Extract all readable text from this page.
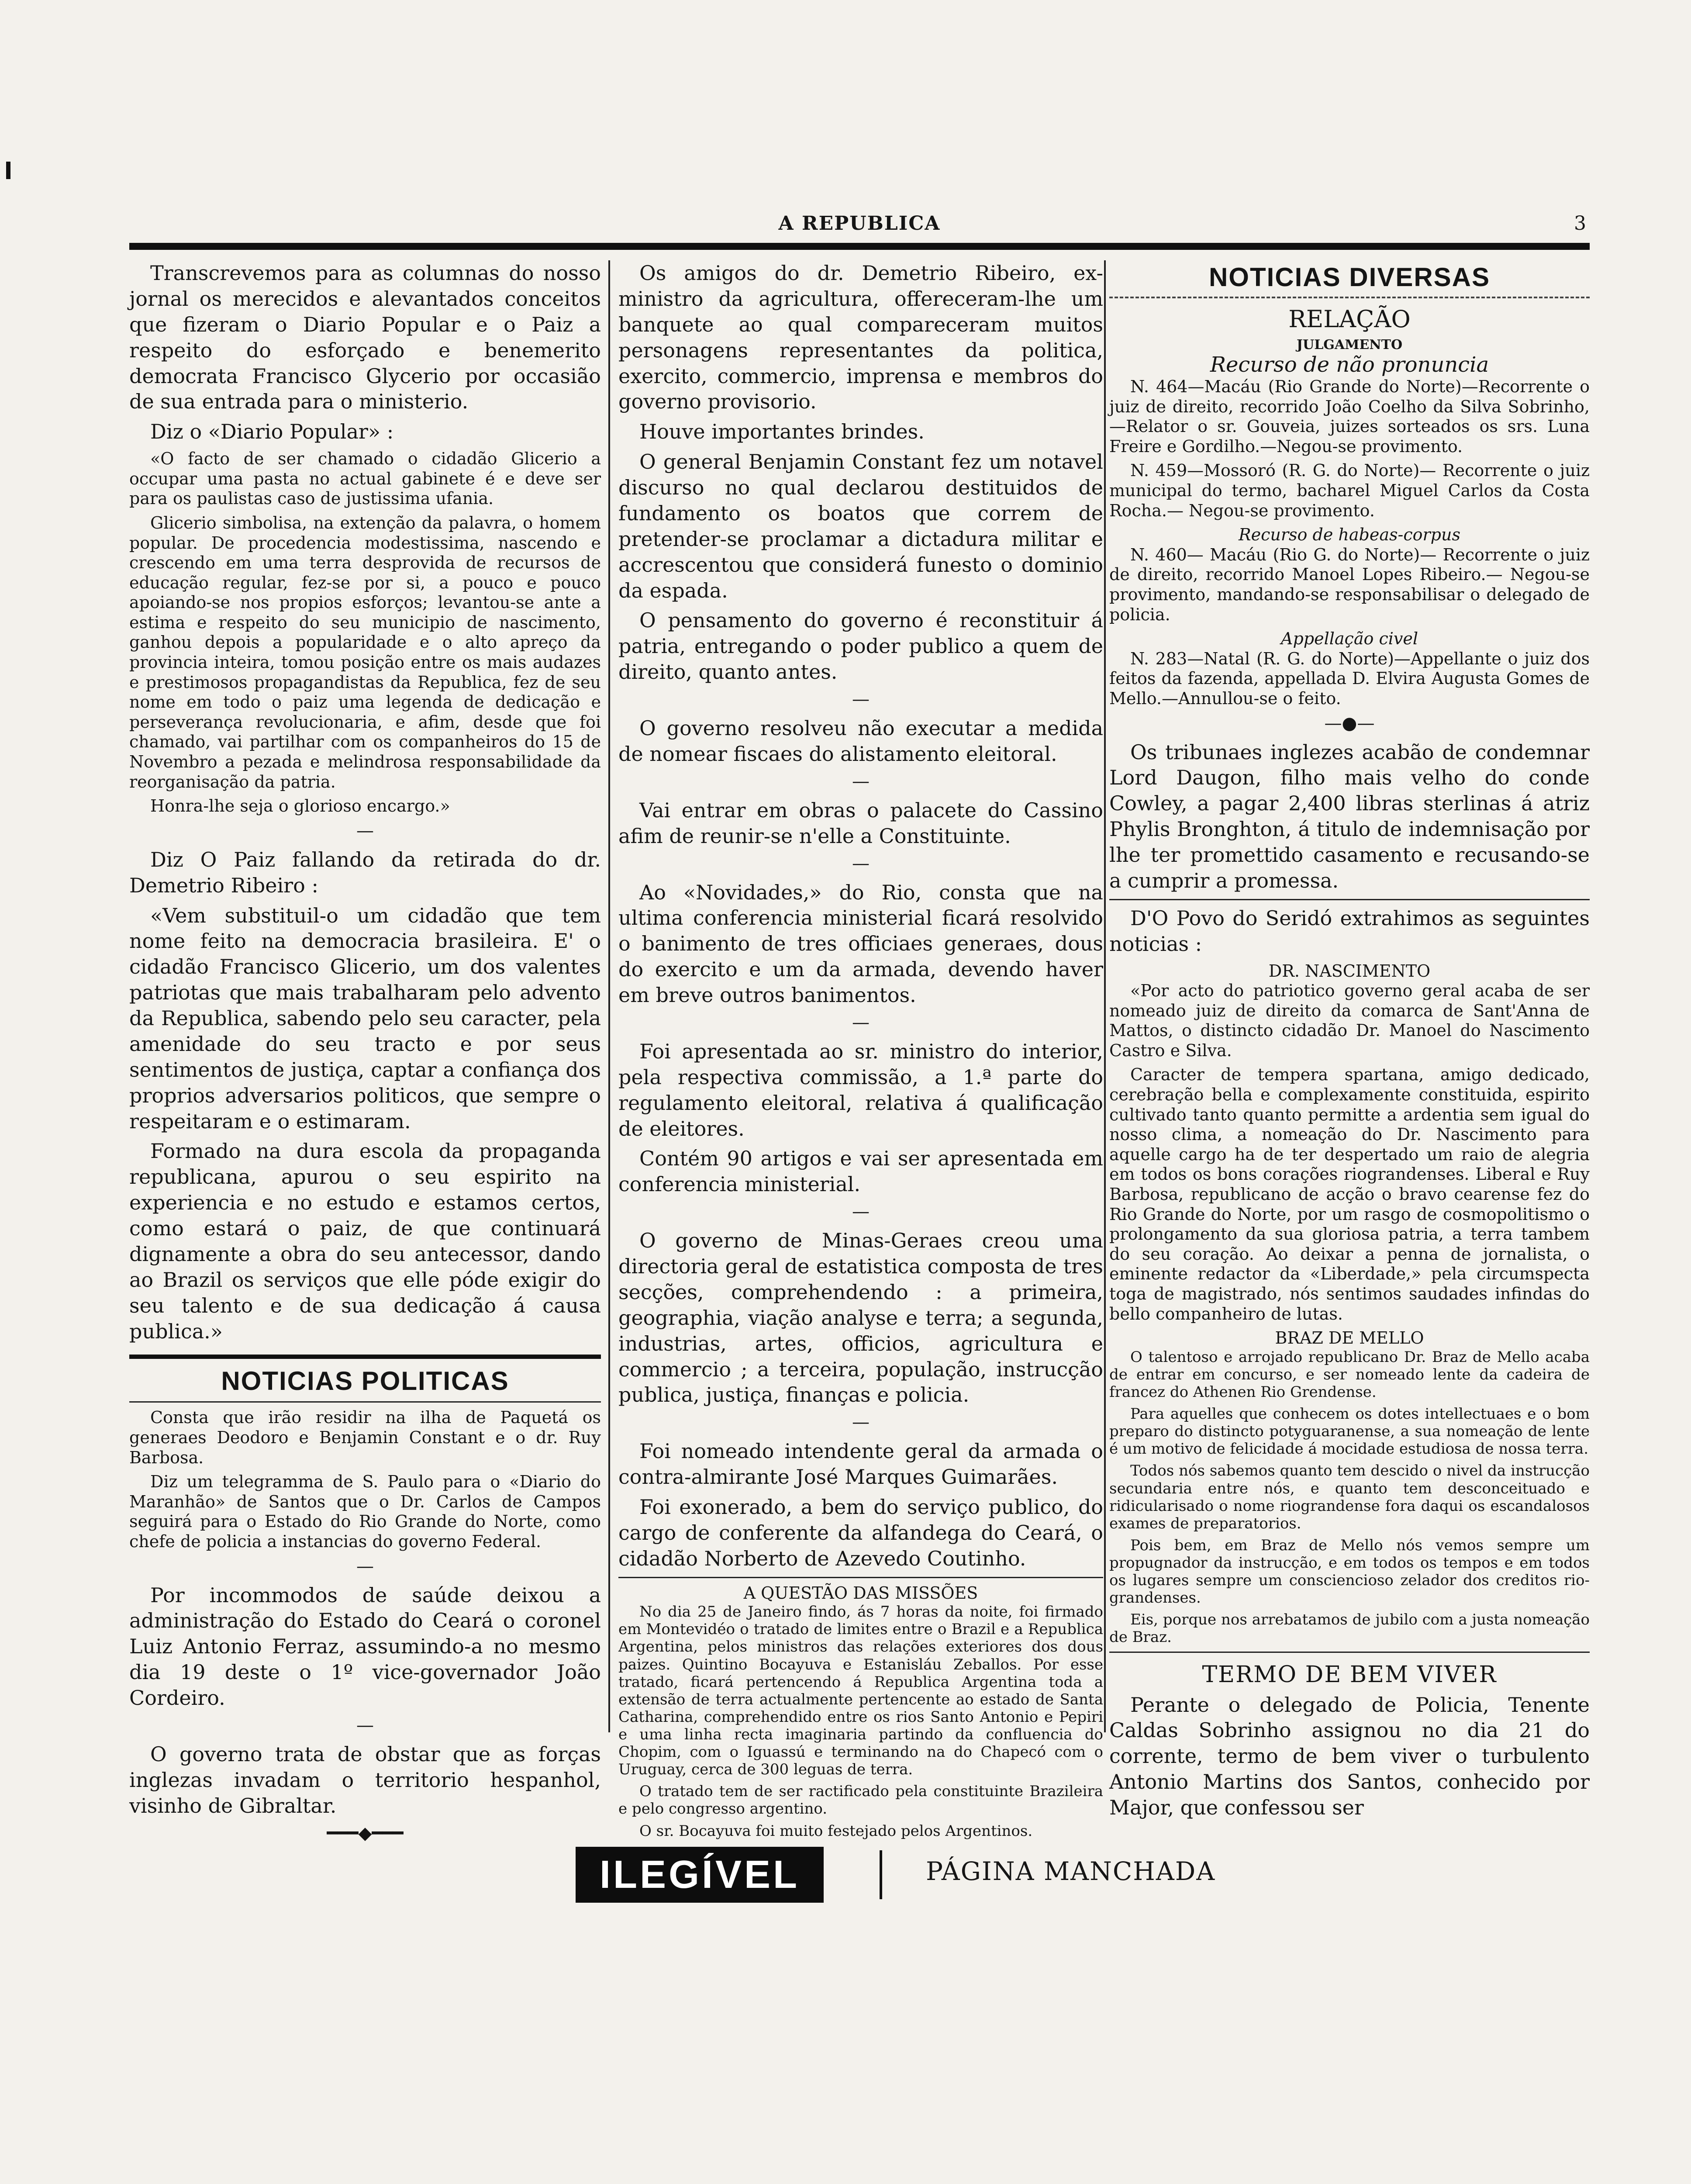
A REPUBLICA	3

Transcrevemos para as columnas do nosso jornal os merecidos e alevantados conceitos que fizeram o Diario Popular e o Paiz a respeito do esforçado e benemerito democrata Francisco Glycerio por occasião de sua entrada para o ministerio.

Diz o «Diario Popular» :

«O facto de ser chamado o cidadão Glicerio a occupar uma pasta no actual gabinete é e deve ser para os paulistas caso de justissima ufania.

Glicerio simbolisa, na extenção da palavra, o homem popular. De procedencia modestissima, nascendo e crescendo em uma terra desprovida de recursos de educação regular, fez-se por si, a pouco e pouco apoiando-se nos propios esforços; levantou-se ante a estima e respeito do seu municipio de nascimento, ganhou depois a popularidade e o alto apreço da provincia inteira, tomou posição entre os mais audazes e prestimosos propagandistas da Republica, fez de seu nome em todo o paiz uma legenda de dedicação e perseverança revolucionaria, e afim, desde que foi chamado, vai partilhar com os companheiros do 15 de Novembro a pezada e melindrosa responsabilidade da reorganisação da patria.

Honra-lhe seja o glorioso encargo.»

—

Diz O Paiz fallando da retirada do dr. Demetrio Ribeiro :

«Vem substituil-o um cidadão que tem nome feito na democracia brasileira. E' o cidadão Francisco Glicerio, um dos valentes patriotas que mais trabalharam pelo advento da Republica, sabendo pelo seu caracter, pela amenidade do seu tracto e por seus sentimentos de justiça, captar a confiança dos proprios adversarios politicos, que sempre o respeitaram e o estimaram.

Formado na dura escola da propaganda republicana, apurou o seu espirito na experiencia e no estudo e estamos certos, como estará o paiz, de que continuará dignamente a obra do seu antecessor, dando ao Brazil os serviços que elle póde exigir do seu talento e de sua dedicação á causa publica.»

NOTICIAS POLITICAS

Consta que irão residir na ilha de Paquetá os generaes Deodoro e Benjamin Constant e o dr. Ruy Barbosa.

Diz um telegramma de S. Paulo para o «Diario do Maranhão» de Santos que o Dr. Carlos de Campos seguirá para o Estado do Rio Grande do Norte, como chefe de policia a instancias do governo Federal.

—

Por incommodos de saúde deixou a administração do Estado do Ceará o coronel Luiz Antonio Ferraz, assumindo-a no mesmo dia 19 deste o 1º vice-governador João Cordeiro.

—

O governo trata de obstar que as forças inglezas invadam o territorio hespanhol, visinho de Gibraltar.

━━━◆━━━

Os amigos do dr. Demetrio Ribeiro, ex-ministro da agricultura, offereceram-lhe um banquete ao qual compareceram muitos personagens representantes da politica, exercito, commercio, imprensa e membros do governo provisorio.

Houve importantes brindes.

O general Benjamin Constant fez um notavel discurso no qual declarou destituidos de fundamento os boatos que correm de pretender-se proclamar a dictadura militar e accrescentou que considerá funesto o dominio da espada.

O pensamento do governo é reconstituir á patria, entregando o poder publico a quem de direito, quanto antes.

—

O governo resolveu não executar a medida de nomear fiscaes do alistamento eleitoral.

—

Vai entrar em obras o palacete do Cassino afim de reunir-se n'elle a Constituinte.

—

Ao «Novidades,» do Rio, consta que na ultima conferencia ministerial ficará resolvido o banimento de tres officiaes generaes, dous do exercito e um da armada, devendo haver em breve outros banimentos.

—

Foi apresentada ao sr. ministro do interior, pela respectiva commissão, a 1.ª parte do regulamento eleitoral, relativa á qualificação de eleitores.

Contém 90 artigos e vai ser apresentada em conferencia ministerial.

—

O governo de Minas-Geraes creou uma directoria geral de estatistica composta de tres secções, comprehendendo : a primeira, geographia, viação analyse e terra; a segunda, industrias, artes, officios, agricultura e commercio ; a terceira, população, instrucção publica, justiça, finanças e policia.

—

Foi nomeado intendente geral da armada o contra-almirante José Marques Guimarães.

Foi exonerado, a bem do serviço publico, do cargo de conferente da alfandega do Ceará, o cidadão Norberto de Azevedo Coutinho.

A QUESTÃO DAS MISSÕES

No dia 25 de Janeiro findo, ás 7 horas da noite, foi firmado em Montevidéo o tratado de limites entre o Brazil e a Republica Argentina, pelos ministros das relações exteriores dos dous paizes. Quintino Bocayuva e Estanisláu Zeballos. Por esse tratado, ficará pertencendo á Republica Argentina toda a extensão de terra actualmente pertencente ao estado de Santa Catharina, comprehendido entre os rios Santo Antonio e Pepiri e uma linha recta imaginaria partindo da confluencia do Chopim, com o Iguassú e terminando na do Chapecó com o Uruguay, cerca de 300 leguas de terra.

O tratado tem de ser ractificado pela constituinte Brazileira e pelo congresso argentino.

O sr. Bocayuva foi muito festejado pelos Argentinos.

NOTICIAS DIVERSAS
RELAÇÃO
JULGAMENTO
Recurso de não pronuncia

N. 464—Macáu (Rio Grande do Norte)—Recorrente o juiz de direito, recorrido João Coelho da Silva Sobrinho,—Relator o sr. Gouveia, juizes sorteados os srs. Luna Freire e Gordilho.—Negou-se provimento.

N. 459—Mossoró (R. G. do Norte)— Recorrente o juiz municipal do termo, bacharel Miguel Carlos da Costa Rocha.— Negou-se provimento.

Recurso de habeas-corpus

N. 460— Macáu (Rio G. do Norte)— Recorrente o juiz de direito, recorrido Manoel Lopes Ribeiro.— Negou-se provimento, mandando-se responsabilisar o delegado de policia.

Appellação civel

N. 283—Natal (R. G. do Norte)—Appellante o juiz dos feitos da fazenda, appellada D. Elvira Augusta Gomes de Mello.—Annullou-se o feito.

—●—

Os tribunaes inglezes acabão de condemnar Lord Daugon, filho mais velho do conde Cowley, a pagar 2,400 libras sterlinas á atriz Phylis Bronghton, á titulo de indemnisação por lhe ter promettido casamento e recusando-se a cumprir a promessa.

D'O Povo do Seridó extrahimos as seguintes noticias :

DR. NASCIMENTO

«Por acto do patriotico governo geral acaba de ser nomeado juiz de direito da comarca de Sant'Anna de Mattos, o distincto cidadão Dr. Manoel do Nascimento Castro e Silva.

Caracter de tempera spartana, amigo dedicado, cerebração bella e complexamente constituida, espirito cultivado tanto quanto permitte a ardentia sem igual do nosso clima, a nomeação do Dr. Nascimento para aquelle cargo ha de ter despertado um raio de alegria em todos os bons corações riograndenses. Liberal e Ruy Barbosa, republicano de acção o bravo cearense fez do Rio Grande do Norte, por um rasgo de cosmopolitismo o prolongamento da sua gloriosa patria, a terra tambem do seu coração. Ao deixar a penna de jornalista, o eminente redactor da «Liberdade,» pela circumspecta toga de magistrado, nós sentimos saudades infindas do bello companheiro de lutas.

BRAZ DE MELLO

O talentoso e arrojado republicano Dr. Braz de Mello acaba de entrar em concurso, e ser nomeado lente da cadeira de francez do Athenen Rio Grendense.

Para aquelles que conhecem os dotes intellectuaes e o bom preparo do distincto potyguaranense, a sua nomeação de lente é um motivo de felicidade á mocidade estudiosa de nossa terra.

Todos nós sabemos quanto tem descido o nivel da instrucção secundaria entre nós, e quanto tem desconceituado e ridicularisado o nome riograndense fora daqui os escandalosos exames de preparatorios.

Pois bem, em Braz de Mello nós vemos sempre um propugnador da instrucção, e em todos os tempos e em todos os lugares sempre um consciencioso zelador dos creditos rio-grandenses.

Eis, porque nos arrebatamos de jubilo com a justa nomeação de Braz.

TERMO DE BEM VIVER

Perante o delegado de Policia, Tenente Caldas Sobrinho assignou no dia 21 do corrente, termo de bem viver o turbulento Antonio Martins dos Santos, conhecido por Major, que confessou ser

ILEGÍVEL	PÁGINA MANCHADA
